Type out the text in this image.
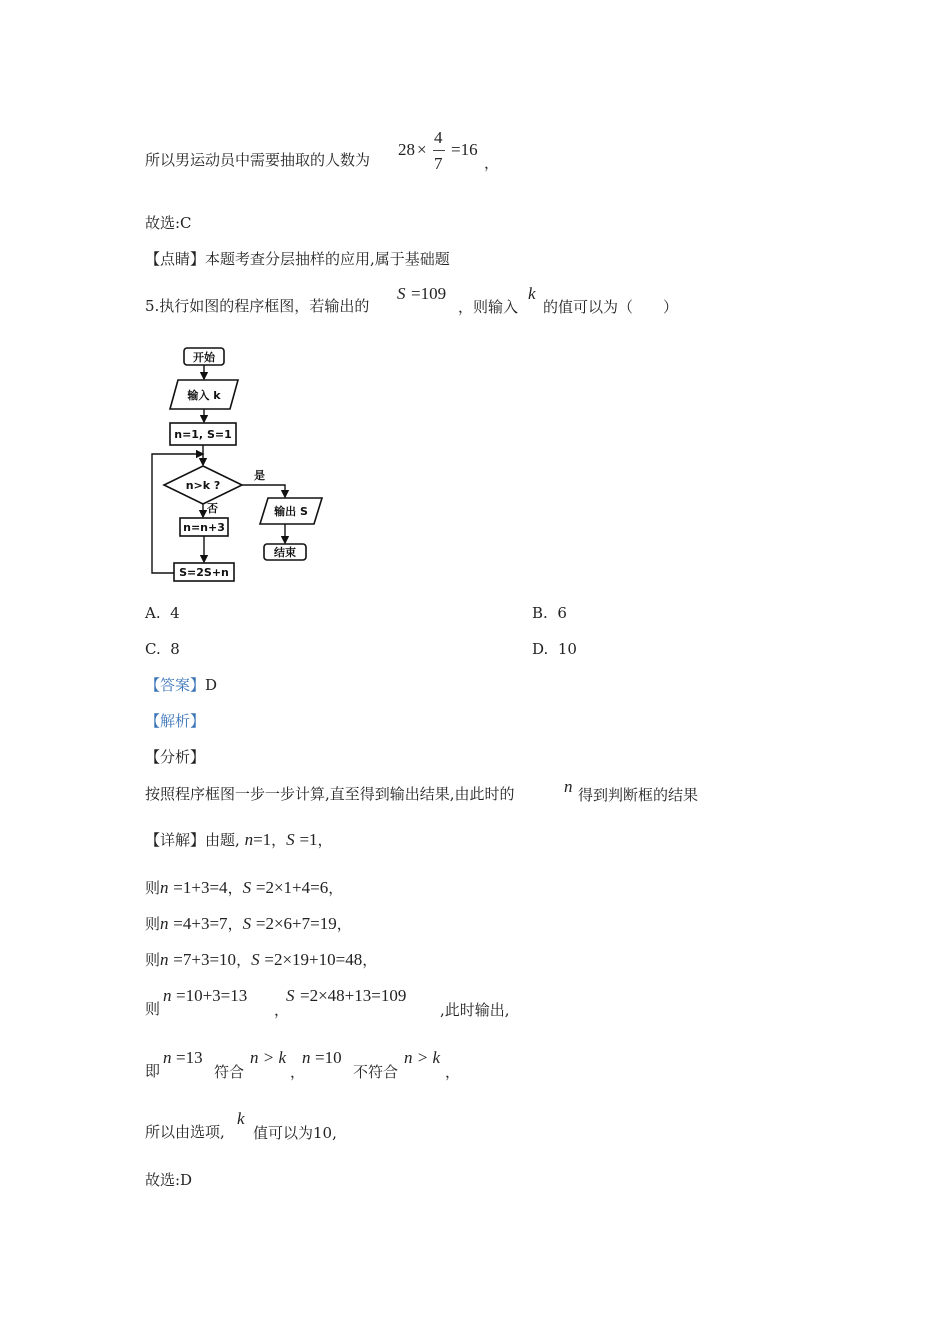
所以男运动员中需要抽取的人数为
28 ×
4
7
=16
，
故选:C
【点睛】本题考查分层抽样的应用,属于基础题
5.执行如图的程序框图，若输出的
S =109
，则输入
k
的值可以为（　　）
开始
输入 k
n=1, S=1
n>k ?
是
输出 S
结束
否
n=n+3
S=2S+n
A. 4	B. 6
C. 8	D. 10
【答案】D
【解析】
【分析】
按照程序框图一步一步计算,直至得到输出结果,由此时的	n 得到判断框的结果
【详解】由题, n=1，S =1，
则n =1+3=4，S =2×1+4=6，
则n =4+3=7，S =2×6+7=19，
则n =7+3=10，S =2×19+10=48，
则
n =10+3=13
，
S =2×48+13=109
,此时输出,
即
n =13
符合
n > k
，
n =10
不符合
n > k
，
所以由选项,
k
值可以为10,
故选:D
